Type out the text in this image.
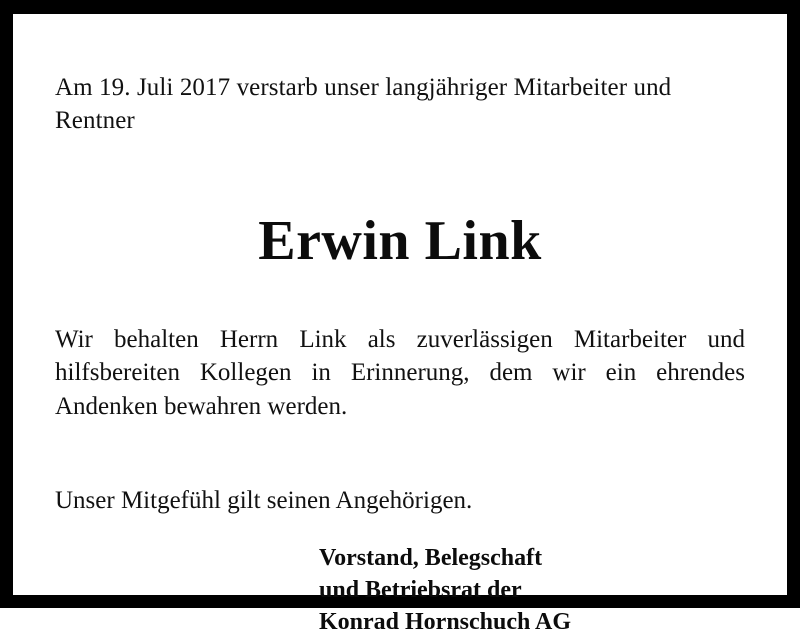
Am 19. Juli 2017 verstarb unser langjähriger Mitarbeiter und Rentner

Erwin Link

Wir behalten Herrn Link als zuverlässigen Mitarbeiter und hilfsbereiten Kollegen in Erinnerung, dem wir ein ehrendes Andenken bewahren werden.

Unser Mitgefühl gilt seinen Angehörigen.

Vorstand, Belegschaft
und Betriebsrat der
Konrad Hornschuch AG
